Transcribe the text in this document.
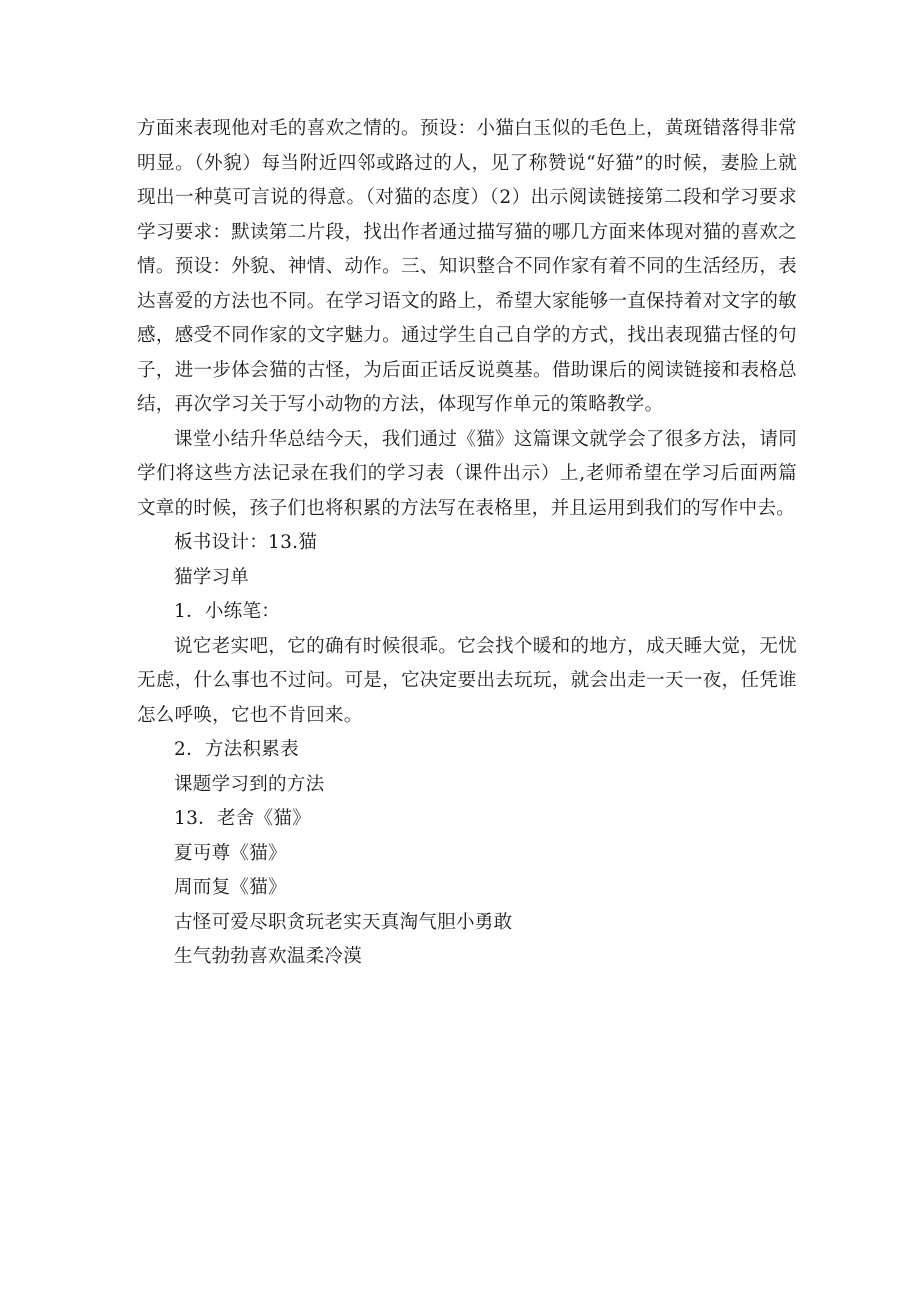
方面来表现他对毛的喜欢之情的。预设：小猫白玉似的毛色上，黄斑错落得非常明显。（外貌）每当附近四邻或路过的人，见了称赞说“好猫”的时候，妻脸上就现出一种莫可言说的得意。（对猫的态度）（2）出示阅读链接第二段和学习要求学习要求：默读第二片段，找出作者通过描写猫的哪几方面来体现对猫的喜欢之情。预设：外貌、神情、动作。三、知识整合不同作家有着不同的生活经历，表达喜爱的方法也不同。在学习语文的路上，希望大家能够一直保持着对文字的敏感，感受不同作家的文字魅力。通过学生自己自学的方式，找出表现猫古怪的句子，进一步体会猫的古怪，为后面正话反说奠基。借助课后的阅读链接和表格总结，再次学习关于写小动物的方法，体现写作单元的策略教学。

课堂小结升华总结今天，我们通过《猫》这篇课文就学会了很多方法，请同学们将这些方法记录在我们的学习表（课件出示）上,老师希望在学习后面两篇文章的时候，孩子们也将积累的方法写在表格里，并且运用到我们的写作中去。

板书设计：13.猫
猫学习单
1．小练笔：

说它老实吧，它的确有时候很乖。它会找个暖和的地方，成天睡大觉，无忧无虑，什么事也不过问。可是，它决定要出去玩玩，就会出走一天一夜，任凭谁怎么呼唤，它也不肯回来。

2．方法积累表
课题学习到的方法
13．老舍《猫》
夏丏尊《猫》
周而复《猫》
古怪可爱尽职贪玩老实天真淘气胆小勇敢
生气勃勃喜欢温柔冷漠
